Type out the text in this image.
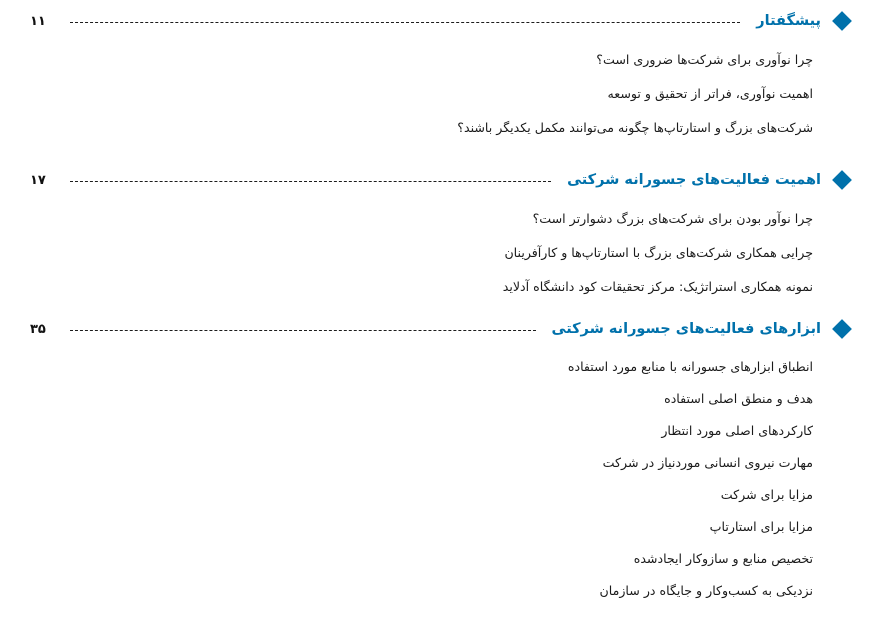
پیشگفتار
۱۱
چرا نوآوری برای شرکت‌ها ضروری است؟
اهمیت نوآوری، فراتر از تحقیق و توسعه
شرکت‌های بزرگ و استارتاپ‌ها چگونه می‌توانند مکمل یکدیگر باشند؟
اهمیت فعالیت‌های جسورانه شرکتی
۱۷
چرا نوآور بودن برای شرکت‌های بزرگ دشوارتر است؟
چرایی همکاری شرکت‌های بزرگ با استارتاپ‌ها و کارآفرینان
نمونه همکاری استراتژیک: مرکز تحقیقات کود دانشگاه آدلاید
ابزارهای فعالیت‌های جسورانه شرکتی
۳۵
انطباق ابزارهای جسورانه با منابع مورد استفاده
هدف و منطق اصلی استفاده
کارکردهای اصلی مورد انتظار
مهارت نیروی انسانی موردنیاز در شرکت
مزایا برای شرکت
مزایا برای استارتاپ
تخصیص منابع و سازوکار ایجادشده
نزدیکی به کسب‌وکار و جایگاه در سازمان
